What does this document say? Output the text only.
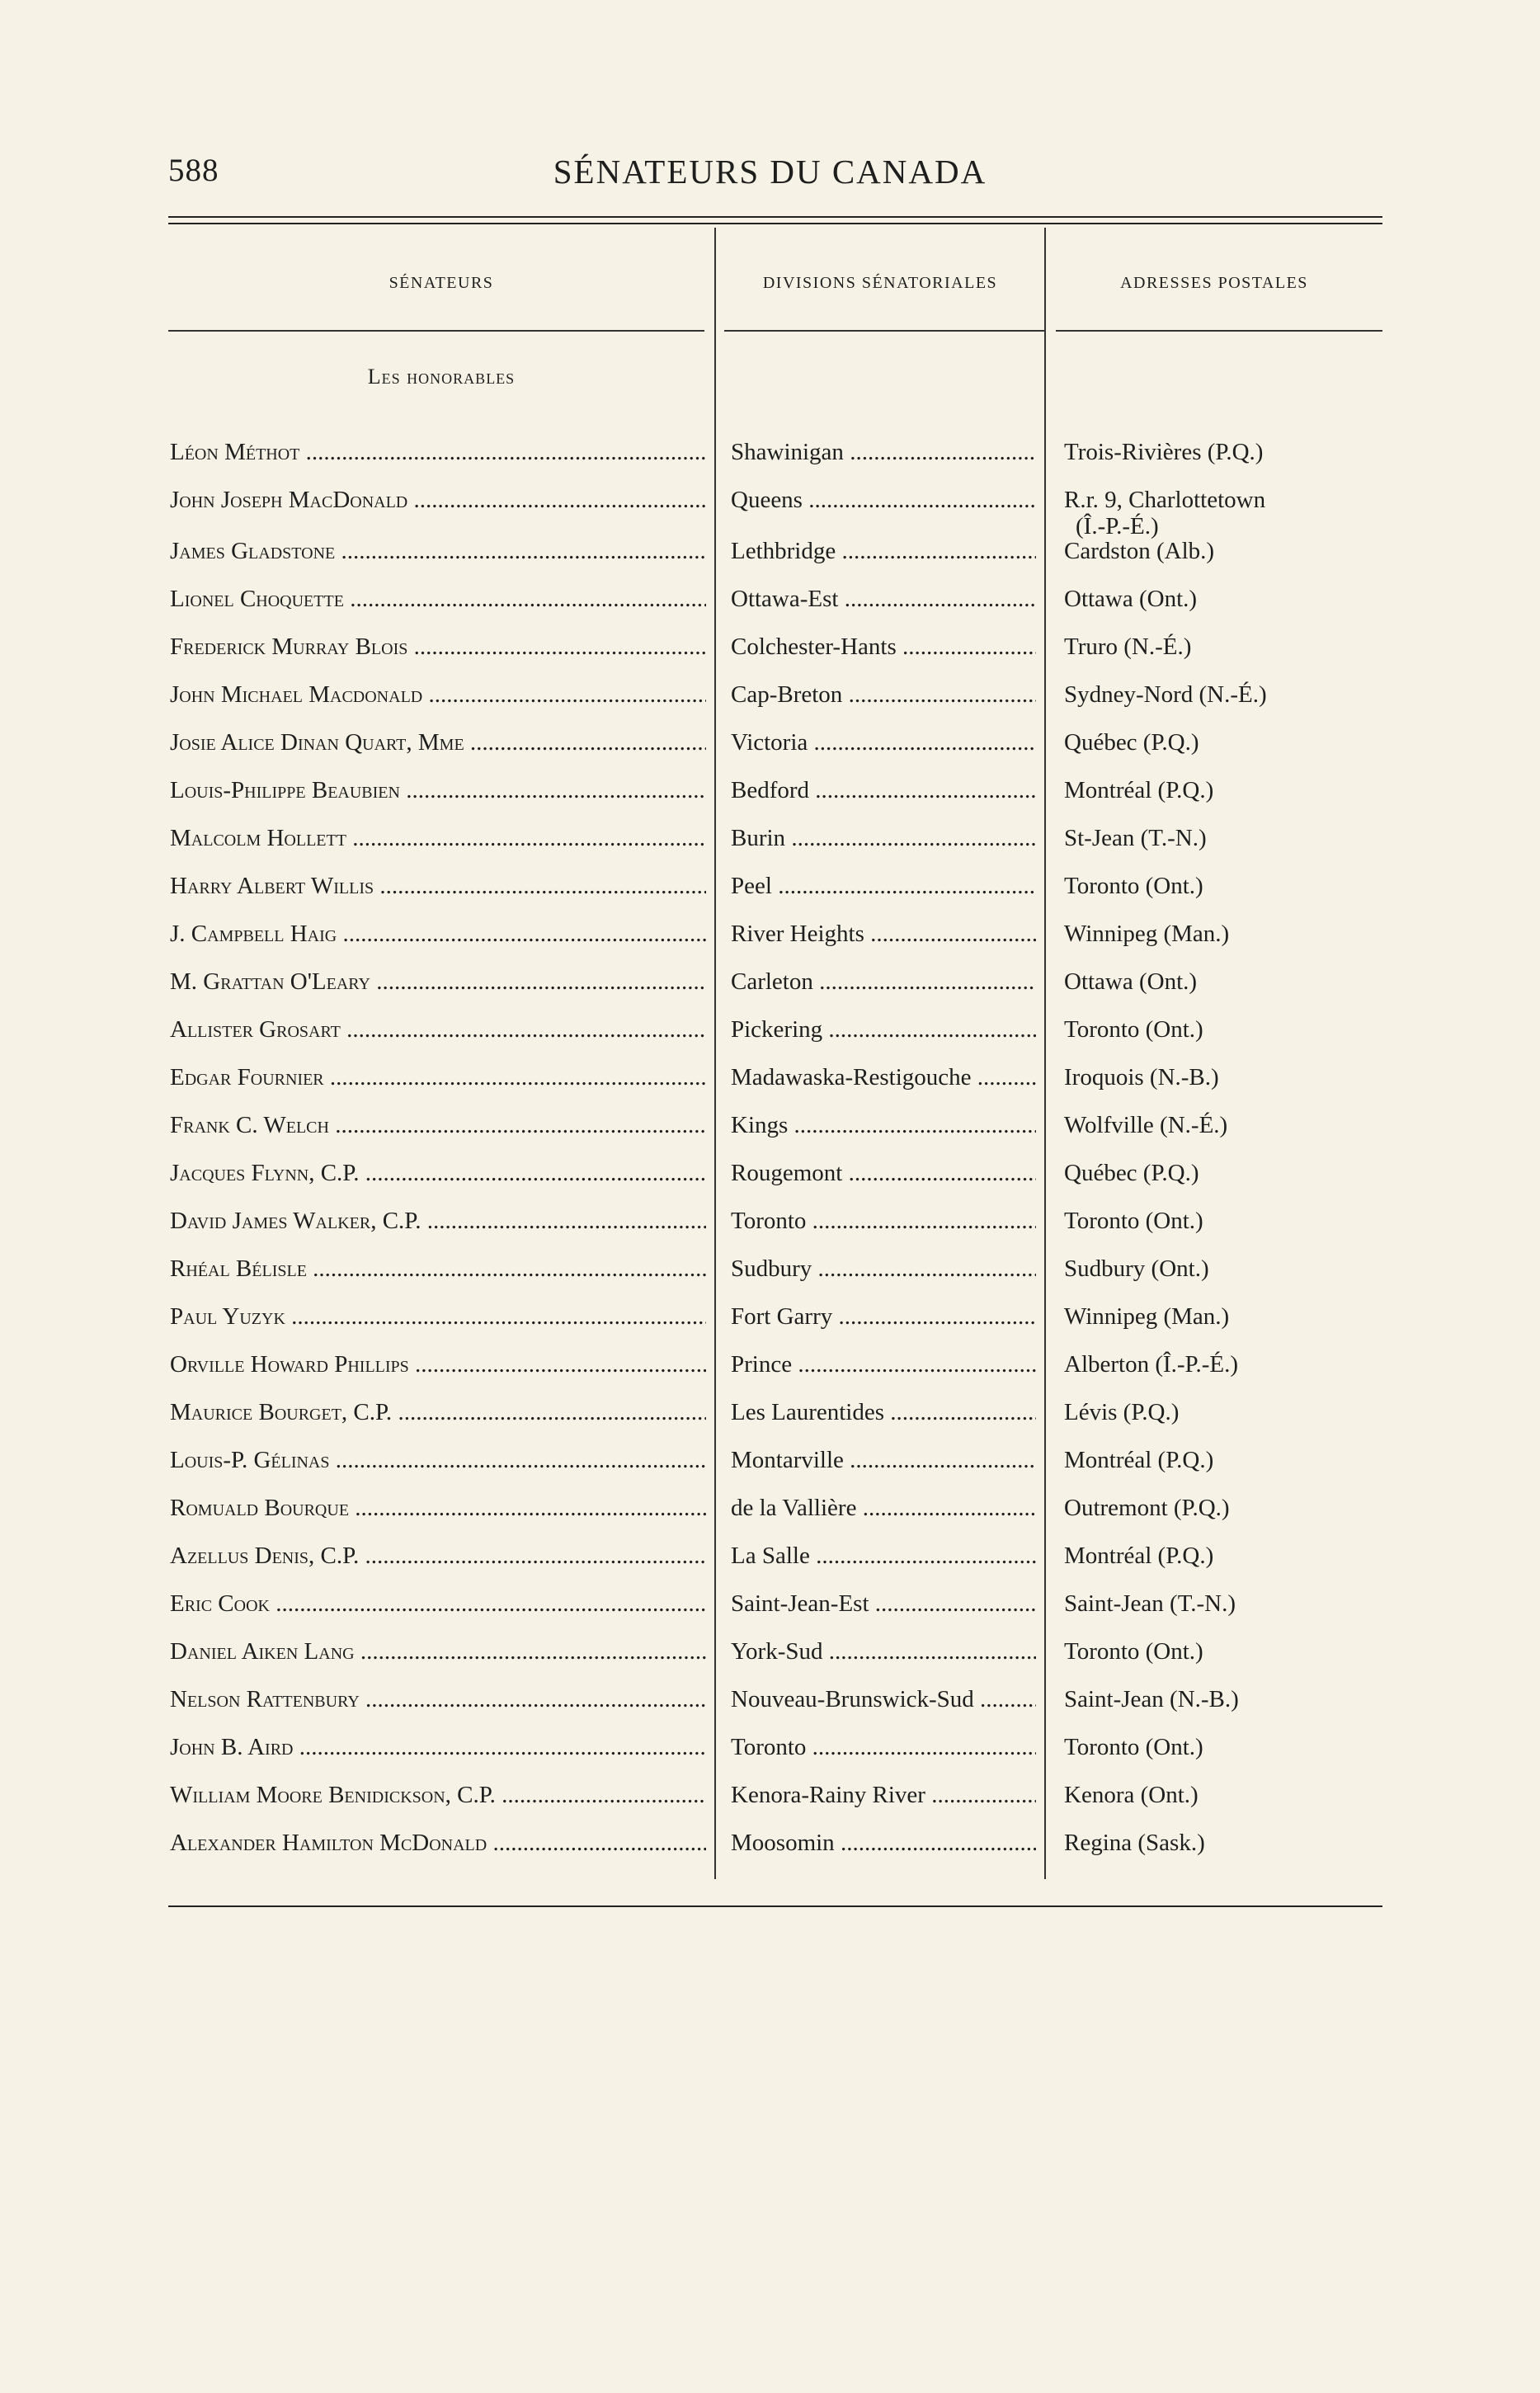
588	SÉNATEURS DU CANADA
SÉNATEURS	DIVISIONS SÉNATORIALES	ADRESSES POSTALES
Les honorables
Léon Méthot .....	Shawinigan .....	Trois-Rivières (P.Q.)
John Joseph MacDonald .....	Queens .....	R.r. 9, Charlottetown
(Î.-P.-É.)
James Gladstone .....	Lethbridge .....	Cardston (Alb.)
Lionel Choquette .....	Ottawa-Est .....	Ottawa (Ont.)
Frederick Murray Blois .....	Colchester-Hants .....	Truro (N.-É.)
John Michael Macdonald .....	Cap-Breton .....	Sydney-Nord (N.-É.)
Josie Alice Dinan Quart, Mme .....	Victoria .....	Québec (P.Q.)
Louis-Philippe Beaubien .....	Bedford .....	Montréal (P.Q.)
Malcolm Hollett .....	Burin .....	St-Jean (T.-N.)
Harry Albert Willis .....	Peel .....	Toronto (Ont.)
J. Campbell Haig .....	River Heights .....	Winnipeg (Man.)
M. Grattan O'Leary .....	Carleton .....	Ottawa (Ont.)
Allister Grosart .....	Pickering .....	Toronto (Ont.)
Edgar Fournier .....	Madawaska-Restigouche .....	Iroquois (N.-B.)
Frank C. Welch .....	Kings .....	Wolfville (N.-É.)
Jacques Flynn, C.P. .....	Rougemont .....	Québec (P.Q.)
David James Walker, C.P. .....	Toronto .....	Toronto (Ont.)
Rhéal Bélisle .....	Sudbury .....	Sudbury (Ont.)
Paul Yuzyk .....	Fort Garry .....	Winnipeg (Man.)
Orville Howard Phillips .....	Prince .....	Alberton (Î.-P.-É.)
Maurice Bourget, C.P. .....	Les Laurentides .....	Lévis (P.Q.)
Louis-P. Gélinas .....	Montarville .....	Montréal (P.Q.)
Romuald Bourque .....	de la Vallière .....	Outremont (P.Q.)
Azellus Denis, C.P. .....	La Salle .....	Montréal (P.Q.)
Eric Cook .....	Saint-Jean-Est .....	Saint-Jean (T.-N.)
Daniel Aiken Lang .....	York-Sud .....	Toronto (Ont.)
Nelson Rattenbury .....	Nouveau-Brunswick-Sud .....	Saint-Jean (N.-B.)
John B. Aird .....	Toronto .....	Toronto (Ont.)
William Moore Benidickson, C.P. .....	Kenora-Rainy River .....	Kenora (Ont.)
Alexander Hamilton McDonald .....	Moosomin .....	Regina (Sask.)
